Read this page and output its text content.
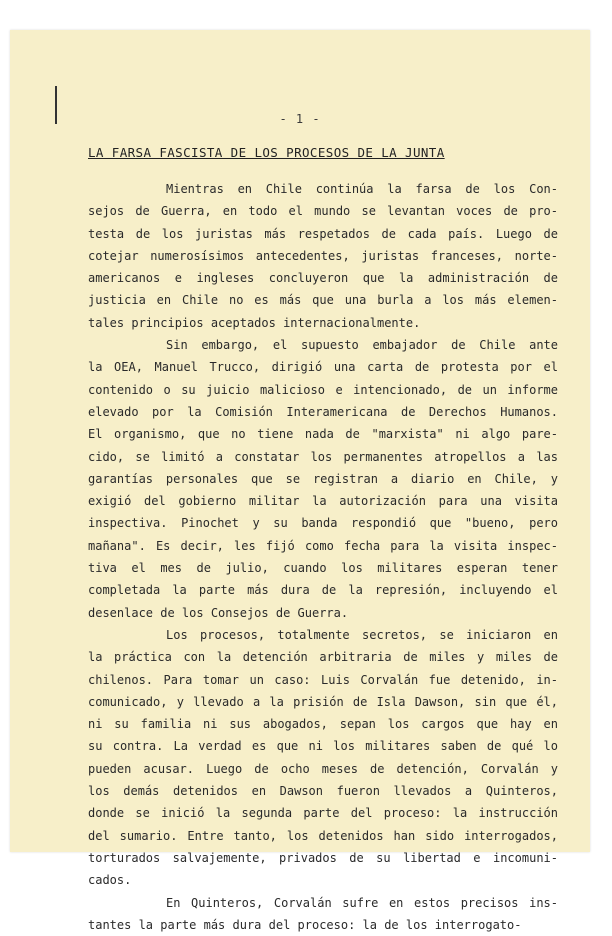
- 1 -
LA FARSA FASCISTA DE LOS PROCESOS DE LA JUNTA
Mientras en Chile continúa la farsa de los Con-
sejos de Guerra, en todo el mundo se levantan voces de pro-
testa de los juristas más respetados de cada país. Luego de
cotejar numerosísimos antecedentes, juristas franceses, norte-
americanos e ingleses concluyeron que la administración de
justicia en Chile no es más que una burla a los más elemen-
tales principios aceptados internacionalmente.
Sin embargo, el supuesto embajador de Chile ante
la OEA, Manuel Trucco, dirigió una carta de protesta por el
contenido o su juicio malicioso e intencionado, de un informe
elevado por la Comisión Interamericana de Derechos Humanos.
El organismo, que no tiene nada de "marxista" ni algo pare-
cido, se limitó a constatar los permanentes atropellos a las
garantías personales que se registran a diario en Chile, y
exigió del gobierno militar la autorización para una visita
inspectiva. Pinochet y su banda respondió que "bueno, pero
mañana". Es decir, les fijó como fecha para la visita inspec-
tiva el mes de julio, cuando los militares esperan tener
completada la parte más dura de la represión, incluyendo el
desenlace de los Consejos de Guerra.
Los procesos, totalmente secretos, se iniciaron en
la práctica con la detención arbitraria de miles y miles de
chilenos. Para tomar un caso: Luis Corvalán fue detenido, in-
comunicado, y llevado a la prisión de Isla Dawson, sin que él,
ni su familia ni sus abogados, sepan los cargos que hay en
su contra. La verdad es que ni los militares saben de qué lo
pueden acusar. Luego de ocho meses de detención, Corvalán y
los demás detenidos en Dawson fueron llevados a Quinteros,
donde se inició la segunda parte del proceso: la instrucción
del sumario. Entre tanto, los detenidos han sido interrogados,
torturados salvajemente, privados de su libertad e incomuni-
cados.
En Quinteros, Corvalán sufre en estos precisos ins-
tantes la parte más dura del proceso: la de los interrogato-
